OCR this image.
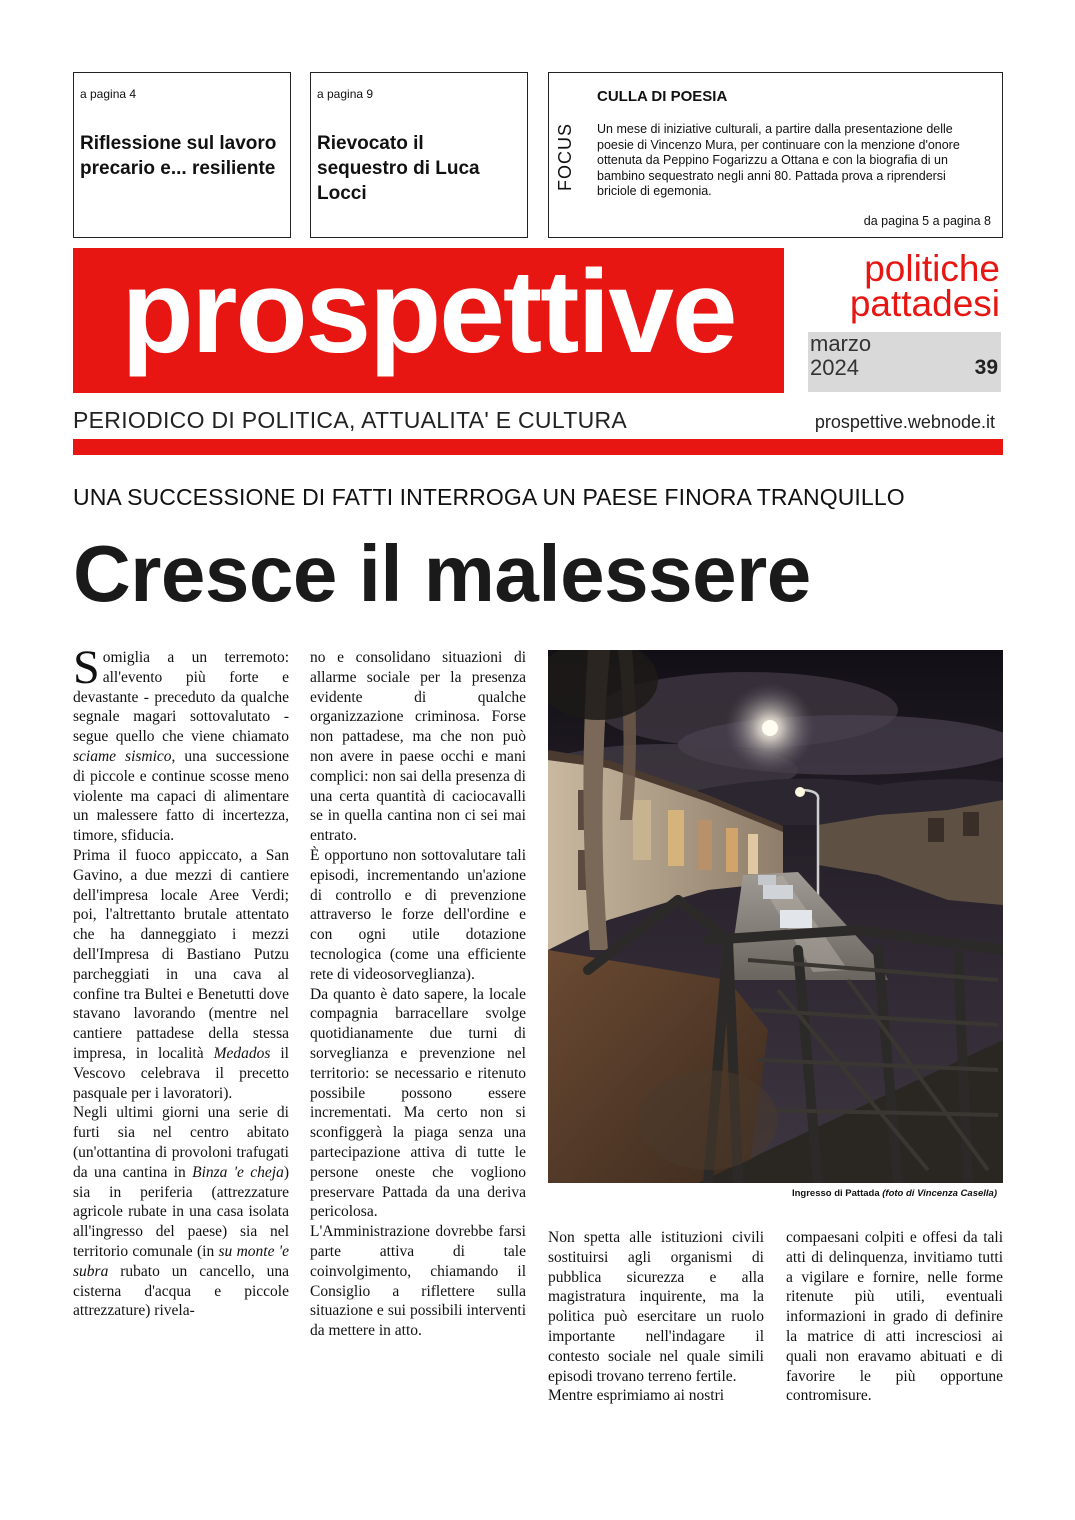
a pagina 4
Riflessione sul lavoro precario e... resiliente
a pagina 9
Rievocato il sequestro di Luca Locci
FOCUS
CULLA DI POESIA
Un mese di iniziative culturali, a partire dalla presentazione delle poesie di Vincenzo Mura, per continuare con la menzione d'onore ottenuta da Peppino Fogarizzu a Ottana e con la biografia di un bambino sequestrato negli anni 80. Pattada prova a riprendersi briciole di egemonia.
da pagina 5 a pagina 8
prospettive	politiche
pattadesi
marzo
2024	39
PERIODICO DI POLITICA, ATTUALITA' E CULTURA	prospettive.webnode.it
UNA SUCCESSIONE DI FATTI INTERROGA UN PAESE FINORA TRANQUILLO
Cresce il malessere

Somiglia a un terremoto: all'evento più forte e devastante - preceduto da qualche segnale magari sottovalutato - segue quello che viene chiamato sciame sismico, una successione di piccole e continue scosse meno violente ma capaci di alimentare un malessere fatto di incertezza, timore, sfiducia.

Prima il fuoco appiccato, a San Gavino, a due mezzi di cantiere dell'impresa locale Aree Verdi; poi, l'altrettanto brutale attentato che ha danneggiato i mezzi dell'Impresa di Bastiano Putzu parcheggiati in una cava al confine tra Bultei e Benetutti dove stavano lavorando (mentre nel cantiere pattadese della stessa impresa, in località Medados il Vescovo celebrava il precetto pasquale per i lavoratori).

Negli ultimi giorni una serie di furti sia nel centro abitato (un'ottantina di provoloni trafugati da una cantina in Binza 'e cheja) sia in periferia (attrezzature agricole rubate in una casa isolata all'ingresso del paese) sia nel territorio comunale (in su monte 'e subra rubato un cancello, una cisterna d'acqua e piccole attrezzature) rivela-

no e consolidano situazioni di allarme sociale per la presenza evidente di qualche organizzazione criminosa. Forse non pattadese, ma che non può non avere in paese occhi e mani complici: non sai della presenza di una certa quantità di caciocavalli se in quella cantina non ci sei mai entrato.

È opportuno non sottovalutare tali episodi, incrementando un'azione di controllo e di prevenzione attraverso le forze dell'ordine e con ogni utile dotazione tecnologica (come una efficiente rete di videosorveglianza).

Da quanto è dato sapere, la locale compagnia barracellare svolge quotidianamente due turni di sorveglianza e prevenzione nel territorio: se necessario e ritenuto possibile possono essere incrementati. Ma certo non si sconfiggerà la piaga senza una partecipazione attiva di tutte le persone oneste che vogliono preservare Pattada da una deriva pericolosa.

L'Amministrazione dovrebbe farsi parte attiva di tale coinvolgimento, chiamando il Consiglio a riflettere sulla situazione e sui possibili interventi da mettere in atto.

Ingresso di Pattada (foto di Vincenza Casella)

Non spetta alle istituzioni civili sostituirsi agli organismi di pubblica sicurezza e alla magistratura inquirente, ma la politica può esercitare un ruolo importante nell'indagare il contesto sociale nel quale simili episodi trovano terreno fertile.

Mentre esprimiamo ai nostri

compaesani colpiti e offesi da tali atti di delinquenza, invitiamo tutti a vigilare e fornire, nelle forme ritenute più utili, eventuali informazioni in grado di definire la matrice di atti incresciosi ai quali non eravamo abituati e di favorire le più opportune contromisure.
